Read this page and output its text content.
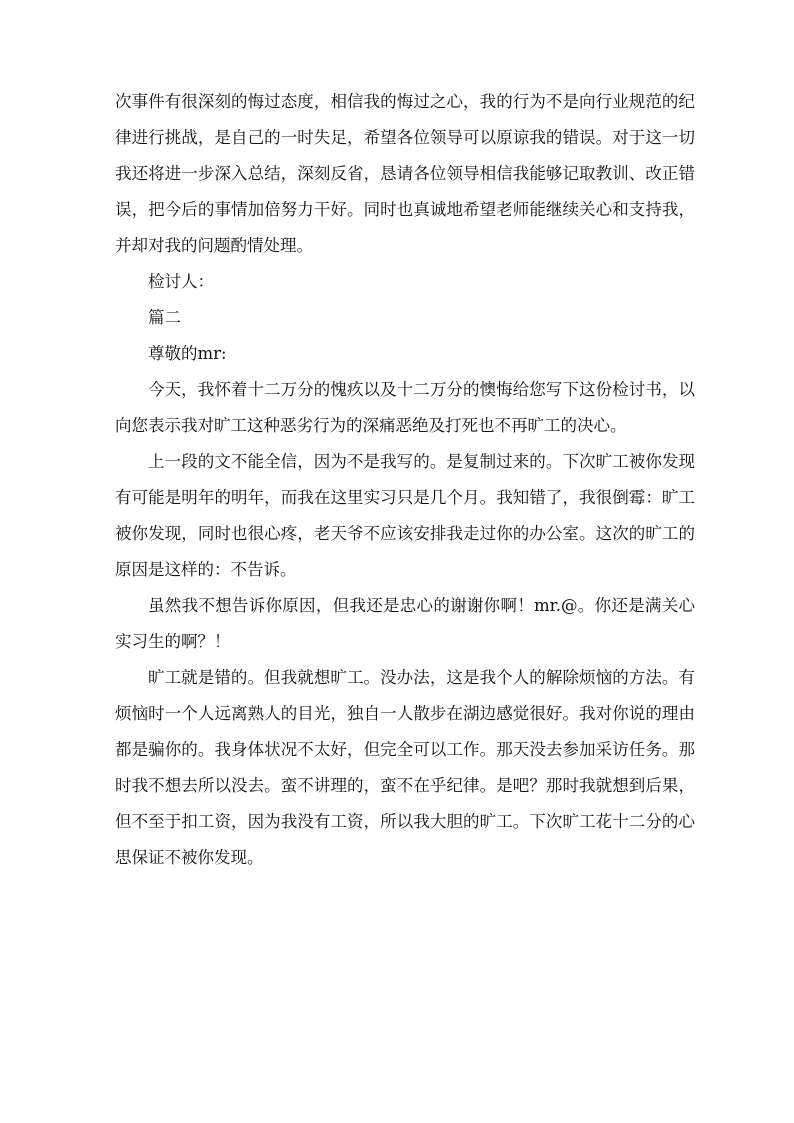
次事件有很深刻的悔过态度，相信我的悔过之心，我的行为不是向行业规范的纪律进行挑战，是自己的一时失足，希望各位领导可以原谅我的错误。对于这一切我还将进一步深入总结，深刻反省，恳请各位领导相信我能够记取教训、改正错误，把今后的事情加倍努力干好。同时也真诚地希望老师能继续关心和支持我，并却对我的问题酌情处理。

检讨人：

篇二

尊敬的mr:

今天，我怀着十二万分的愧疚以及十二万分的懊悔给您写下这份检讨书，以向您表示我对旷工这种恶劣行为的深痛恶绝及打死也不再旷工的决心。

上一段的文不能全信，因为不是我写的。是复制过来的。下次旷工被你发现有可能是明年的明年，而我在这里实习只是几个月。我知错了，我很倒霉：旷工被你发现，同时也很心疼，老天爷不应该安排我走过你的办公室。这次的旷工的原因是这样的：不告诉。

虽然我不想告诉你原因，但我还是忠心的谢谢你啊！mr.@。你还是满关心实习生的啊？！

旷工就是错的。但我就想旷工。没办法，这是我个人的解除烦恼的方法。有烦恼时一个人远离熟人的目光，独自一人散步在湖边感觉很好。我对你说的理由都是骗你的。我身体状况不太好，但完全可以工作。那天没去参加采访任务。那时我不想去所以没去。蛮不讲理的，蛮不在乎纪律。是吧？那时我就想到后果，但不至于扣工资，因为我没有工资，所以我大胆的旷工。下次旷工花十二分的心思保证不被你发现。
